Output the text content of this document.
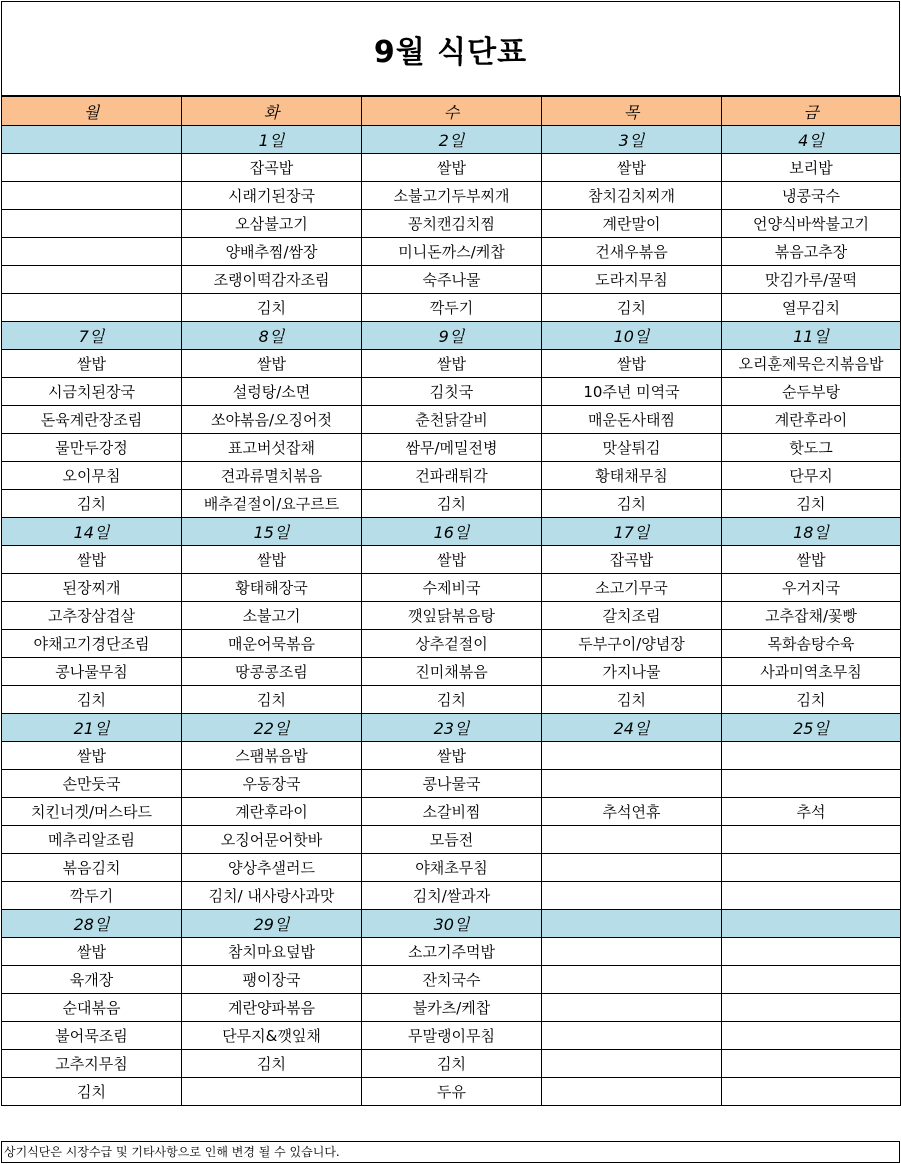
9월 식단표
월	화	수	목	금
	1일	2일	3일	4일
	잡곡밥	쌀밥	쌀밥	보리밥
	시래기된장국	소불고기두부찌개	참치김치찌개	냉콩국수
	오삼불고기	꽁치캔김치찜	계란말이	언양식바싹불고기
	양배추찜/쌈장	미니돈까스/케찹	건새우볶음	볶음고추장
	조랭이떡감자조림	숙주나물	도라지무침	맛김가루/꿀떡
	김치	깍두기	김치	열무김치
7일	8일	9일	10일	11일
쌀밥	쌀밥	쌀밥	쌀밥	오리훈제묵은지볶음밥
시금치된장국	설렁탕/소면	김칫국	10주년 미역국	순두부탕
돈육계란장조림	쏘야볶음/오징어젓	춘천닭갈비	매운돈사태찜	계란후라이
물만두강정	표고버섯잡채	쌈무/메밀전병	맛살튀김	핫도그
오이무침	견과류멸치볶음	건파래튀각	황태채무침	단무지
김치	배추겉절이/요구르트	김치	김치	김치
14일	15일	16일	17일	18일
쌀밥	쌀밥	쌀밥	잡곡밥	쌀밥
된장찌개	황태해장국	수제비국	소고기무국	우거지국
고추장삼겹살	소불고기	깻잎닭볶음탕	갈치조림	고추잡채/꽃빵
야채고기경단조림	매운어묵볶음	상추겉절이	두부구이/양념장	목화솜탕수육
콩나물무침	땅콩콩조림	진미채볶음	가지나물	사과미역초무침
김치	김치	김치	김치	김치
21일	22일	23일	24일	25일
쌀밥	스팸볶음밥	쌀밥		
손만둣국	우동장국	콩나물국		
치킨너겟/머스타드	계란후라이	소갈비찜	추석연휴	추석
메추리알조림	오징어문어핫바	모듬전		
볶음김치	양상추샐러드	야채초무침		
깍두기	김치/ 내사랑사과맛	김치/쌀과자		
28일	29일	30일		
쌀밥	참치마요덮밥	소고기주먹밥		
육개장	팽이장국	잔치국수		
순대볶음	계란양파볶음	불카츠/케찹		
불어묵조림	단무지&깻잎채	무말랭이무침		
고추지무침	김치	김치		
김치		두유		
상기식단은 시장수급 및 기타사항으로 인해 변경 될 수 있습니다.
